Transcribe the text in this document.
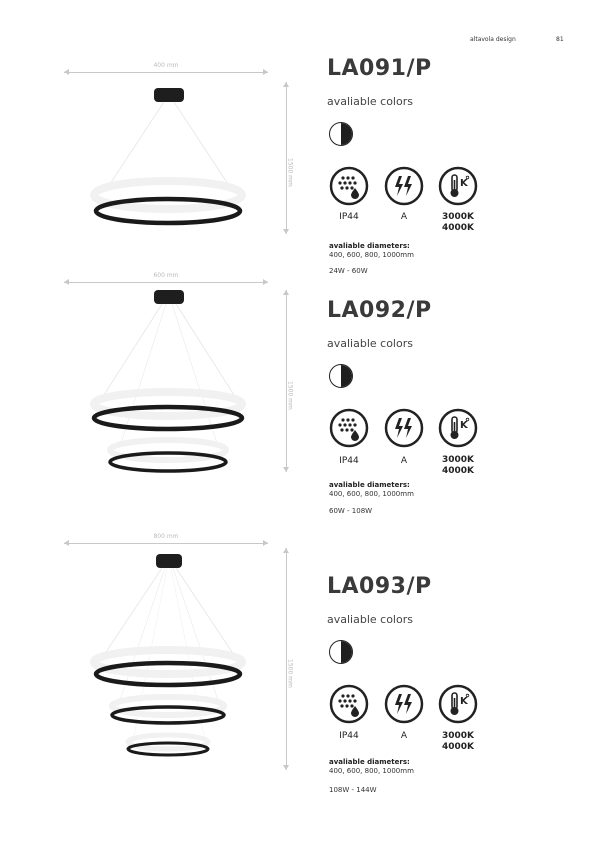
altavola design	81
400 mm
1500 mm
LA091/P
avaliable colors
K
IP44	A	3000K
4000K
avaliable diameters:
400, 600, 800, 1000mm
24W - 60W
600 mm
1500 mm
LA092/P
avaliable colors
K
IP44	A	3000K
4000K
avaliable diameters:
400, 600, 800, 1000mm
60W - 108W
800 mm
1500 mm
LA093/P
avaliable colors
K
IP44	A	3000K
4000K
avaliable diameters:
400, 600, 800, 1000mm
108W - 144W
